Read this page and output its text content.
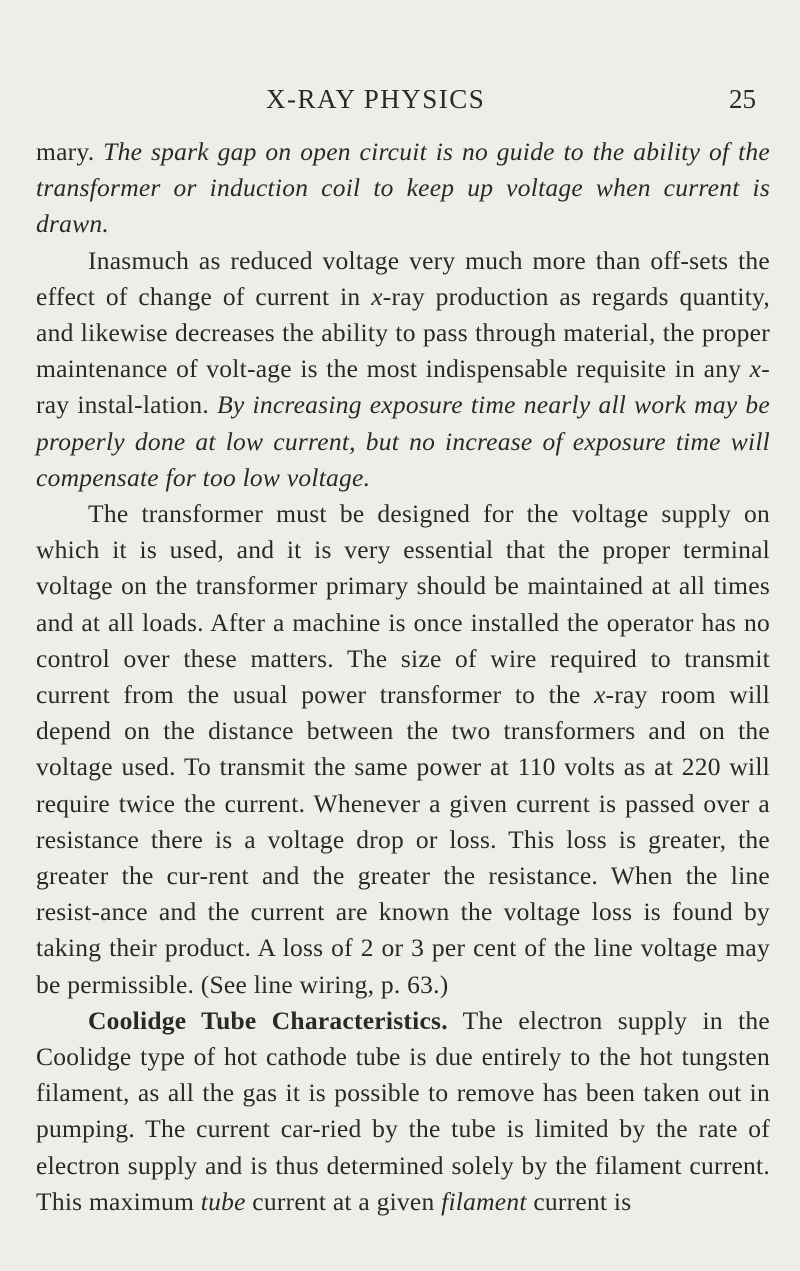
X-RAY PHYSICS	25

mary. The spark gap on open circuit is no guide to the ability of the transformer or induction coil to keep up voltage when current is drawn.

Inasmuch as reduced voltage very much more than off-sets the effect of change of current in x-ray production as regards quantity, and likewise decreases the ability to pass through material, the proper maintenance of volt-age is the most indispensable requisite in any x-ray instal-lation. By increasing exposure time nearly all work may be properly done at low current, but no increase of exposure time will compensate for too low voltage.

The transformer must be designed for the voltage supply on which it is used, and it is very essential that the proper terminal voltage on the transformer primary should be maintained at all times and at all loads. After a machine is once installed the operator has no control over these matters. The size of wire required to transmit current from the usual power transformer to the x-ray room will depend on the distance between the two transformers and on the voltage used. To transmit the same power at 110 volts as at 220 will require twice the current. Whenever a given current is passed over a resistance there is a voltage drop or loss. This loss is greater, the greater the cur-rent and the greater the resistance. When the line resist-ance and the current are known the voltage loss is found by taking their product. A loss of 2 or 3 per cent of the line voltage may be permissible. (See line wiring, p. 63.)

Coolidge Tube Characteristics. The electron supply in the Coolidge type of hot cathode tube is due entirely to the hot tungsten filament, as all the gas it is possible to remove has been taken out in pumping. The current car-ried by the tube is limited by the rate of electron supply and is thus determined solely by the filament current. This maximum tube current at a given filament current is
